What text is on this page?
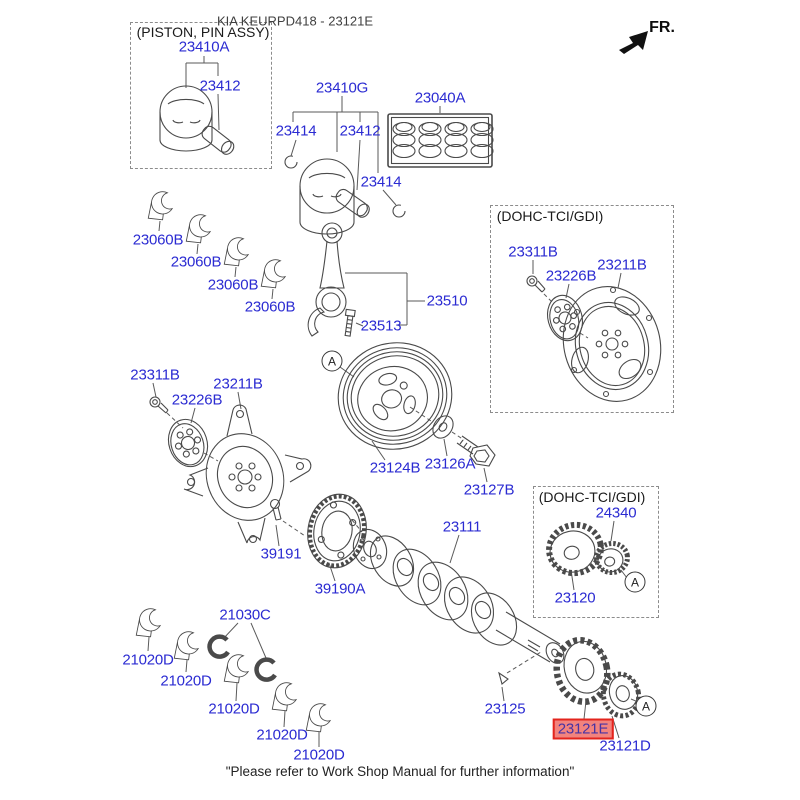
KIA KEURPD418 - 23121E	FR.
(PISTON, PIN ASSY)
(DOHC-TCI/GDI)
(DOHC-TCI/GDI)
23410A
23412	23410G
23414 23412
23040A
23414
23060B
23060B
23060B
23060B	23510
23513
23311B
23226B
23211B
23124B 23126A
23127B
23311B
23226B
23211B
39191
39190A
23111
24340
23120
21030C
21020D
21020D
21020D
21020D
21020D
23125
23121E
23121D
A
A
A
"Please refer to Work Shop Manual for further information"
